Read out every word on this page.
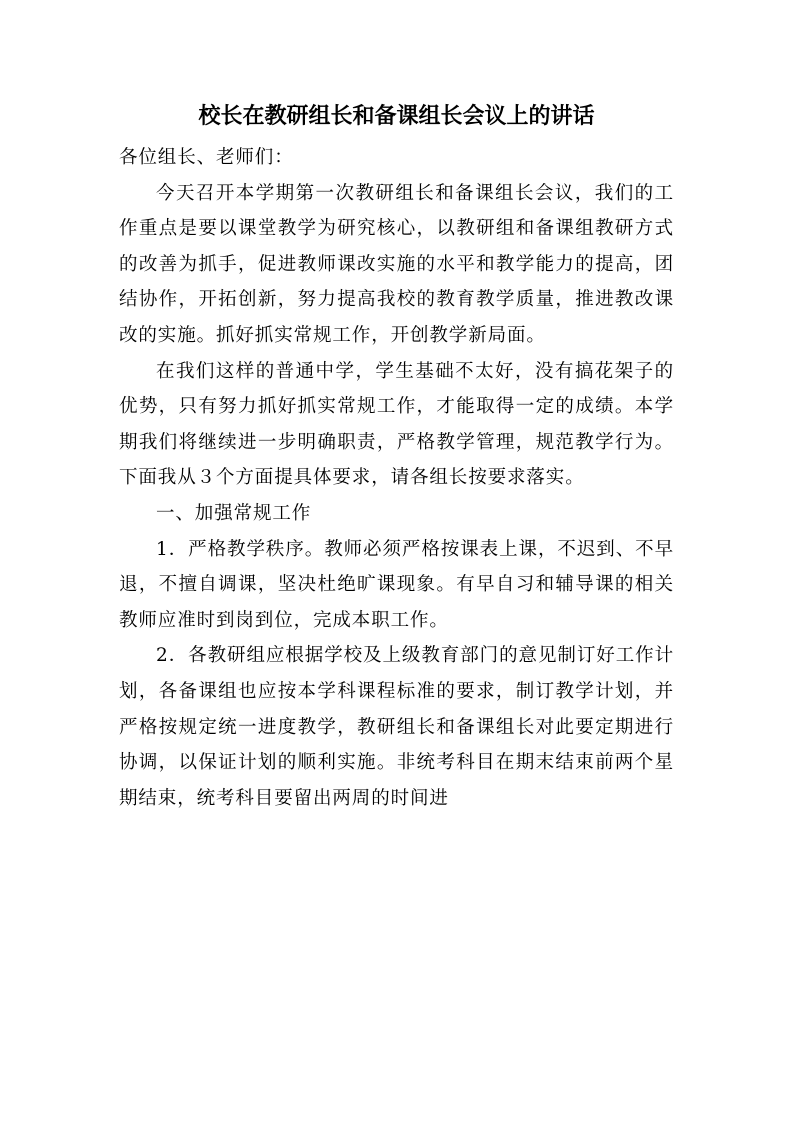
校长在教研组长和备课组长会议上的讲话

各位组长、老师们：

今天召开本学期第一次教研组长和备课组长会议，我们的工作重点是要以课堂教学为研究核心，以教研组和备课组教研方式的改善为抓手，促进教师课改实施的水平和教学能力的提高，团结协作，开拓创新，努力提高我校的教育教学质量，推进教改课改的实施。抓好抓实常规工作，开创教学新局面。

在我们这样的普通中学，学生基础不太好，没有搞花架子的优势，只有努力抓好抓实常规工作，才能取得一定的成绩。本学期我们将继续进一步明确职责，严格教学管理，规范教学行为。下面我从３个方面提具体要求，请各组长按要求落实。

一、加强常规工作

1．严格教学秩序。教师必须严格按课表上课，不迟到、不早退，不擅自调课，坚决杜绝旷课现象。有早自习和辅导课的相关教师应准时到岗到位，完成本职工作。

2．各教研组应根据学校及上级教育部门的意见制订好工作计划，各备课组也应按本学科课程标准的要求，制订教学计划，并严格按规定统一进度教学，教研组长和备课组长对此要定期进行协调，以保证计划的顺利实施。非统考科目在期末结束前两个星期结束，统考科目要留出两周的时间进
